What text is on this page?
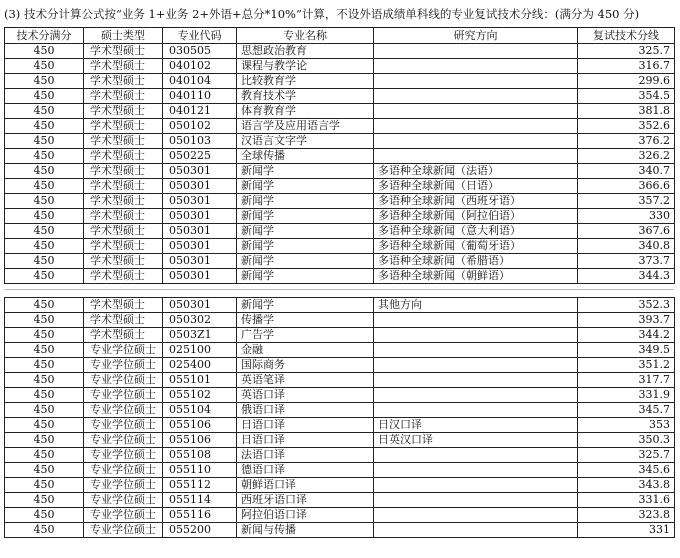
(3) 技术分计算公式按“业务 1+业务 2+外语+总分*10%”计算，不设外语成绩单科线的专业复试技术分线：(满分为 450 分)
技术分满分	硕士类型	专业代码	专业名称	研究方向	复试技术分线
450	学术型硕士	030505	思想政治教育		325.7
450	学术型硕士	040102	课程与教学论		316.7
450	学术型硕士	040104	比较教育学		299.6
450	学术型硕士	040110	教育技术学		354.5
450	学术型硕士	040121	体育教育学		381.8
450	学术型硕士	050102	语言学及应用语言学		352.6
450	学术型硕士	050103	汉语言文字学		376.2
450	学术型硕士	050225	全球传播		326.2
450	学术型硕士	050301	新闻学	多语种全球新闻（法语）	340.7
450	学术型硕士	050301	新闻学	多语种全球新闻（日语）	366.6
450	学术型硕士	050301	新闻学	多语种全球新闻（西班牙语）	357.2
450	学术型硕士	050301	新闻学	多语种全球新闻（阿拉伯语）	330
450	学术型硕士	050301	新闻学	多语种全球新闻（意大利语）	367.6
450	学术型硕士	050301	新闻学	多语种全球新闻（葡萄牙语）	340.8
450	学术型硕士	050301	新闻学	多语种全球新闻（希腊语）	373.7
450	学术型硕士	050301	新闻学	多语种全球新闻（朝鲜语）	344.3
450	学术型硕士	050301	新闻学	其他方向	352.3
450	学术型硕士	050302	传播学		393.7
450	学术型硕士	0503Z1	广告学		344.2
450	专业学位硕士	025100	金融		349.5
450	专业学位硕士	025400	国际商务		351.2
450	专业学位硕士	055101	英语笔译		317.7
450	专业学位硕士	055102	英语口译		331.9
450	专业学位硕士	055104	俄语口译		345.7
450	专业学位硕士	055106	日语口译	日汉口译	353
450	专业学位硕士	055106	日语口译	日英汉口译	350.3
450	专业学位硕士	055108	法语口译		325.7
450	专业学位硕士	055110	德语口译		345.6
450	专业学位硕士	055112	朝鲜语口译		343.8
450	专业学位硕士	055114	西班牙语口译		331.6
450	专业学位硕士	055116	阿拉伯语口译		323.8
450	专业学位硕士	055200	新闻与传播		331
